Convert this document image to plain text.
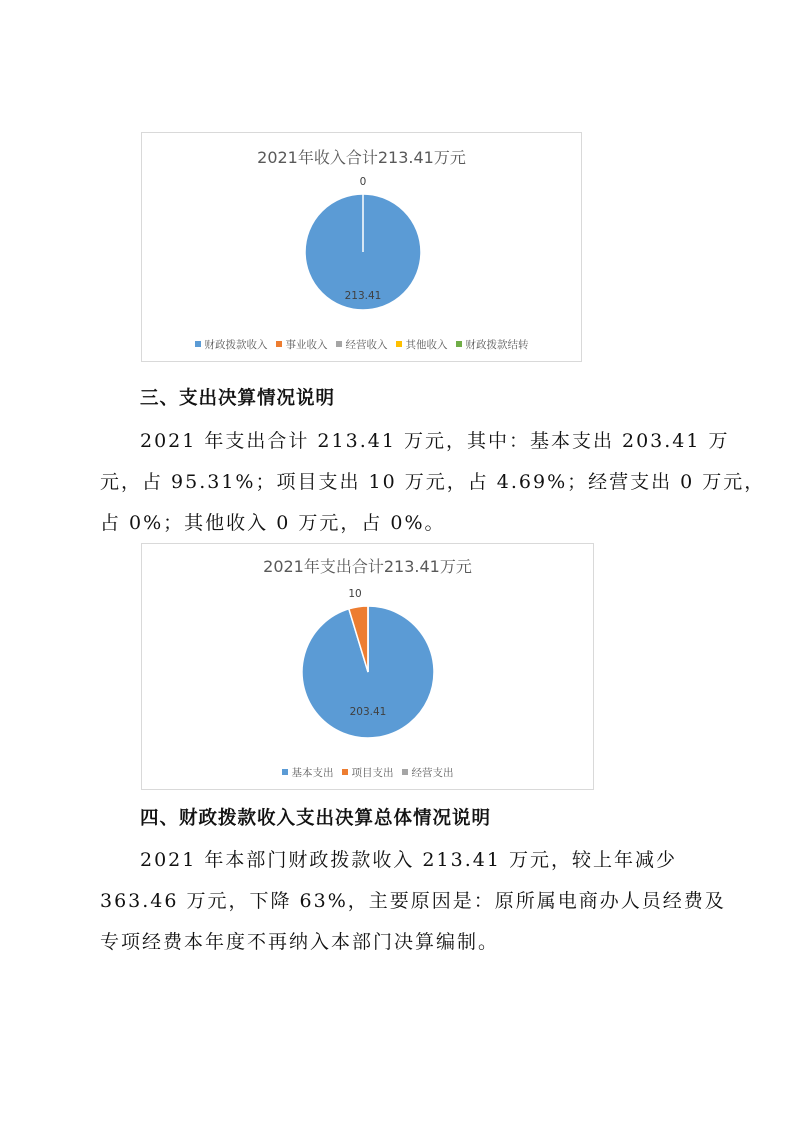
2021年收入合计213.41万元
213.41
0
财政拨款收入 事业收入 经营收入 其他收入 财政拨款结转
三、支出决算情况说明
2021 年支出合计 213.41 万元，其中：基本支出 203.41 万
元，占 95.31%；项目支出 10 万元，占 4.69%；经营支出 0 万元，
占 0%；其他收入 0 万元，占 0%。
2021年支出合计213.41万元
203.41
10
基本支出 项目支出 经营支出
四、财政拨款收入支出决算总体情况说明
2021 年本部门财政拨款收入 213.41 万元，较上年减少
363.46 万元，下降 63%，主要原因是：原所属电商办人员经费及
专项经费本年度不再纳入本部门决算编制。
